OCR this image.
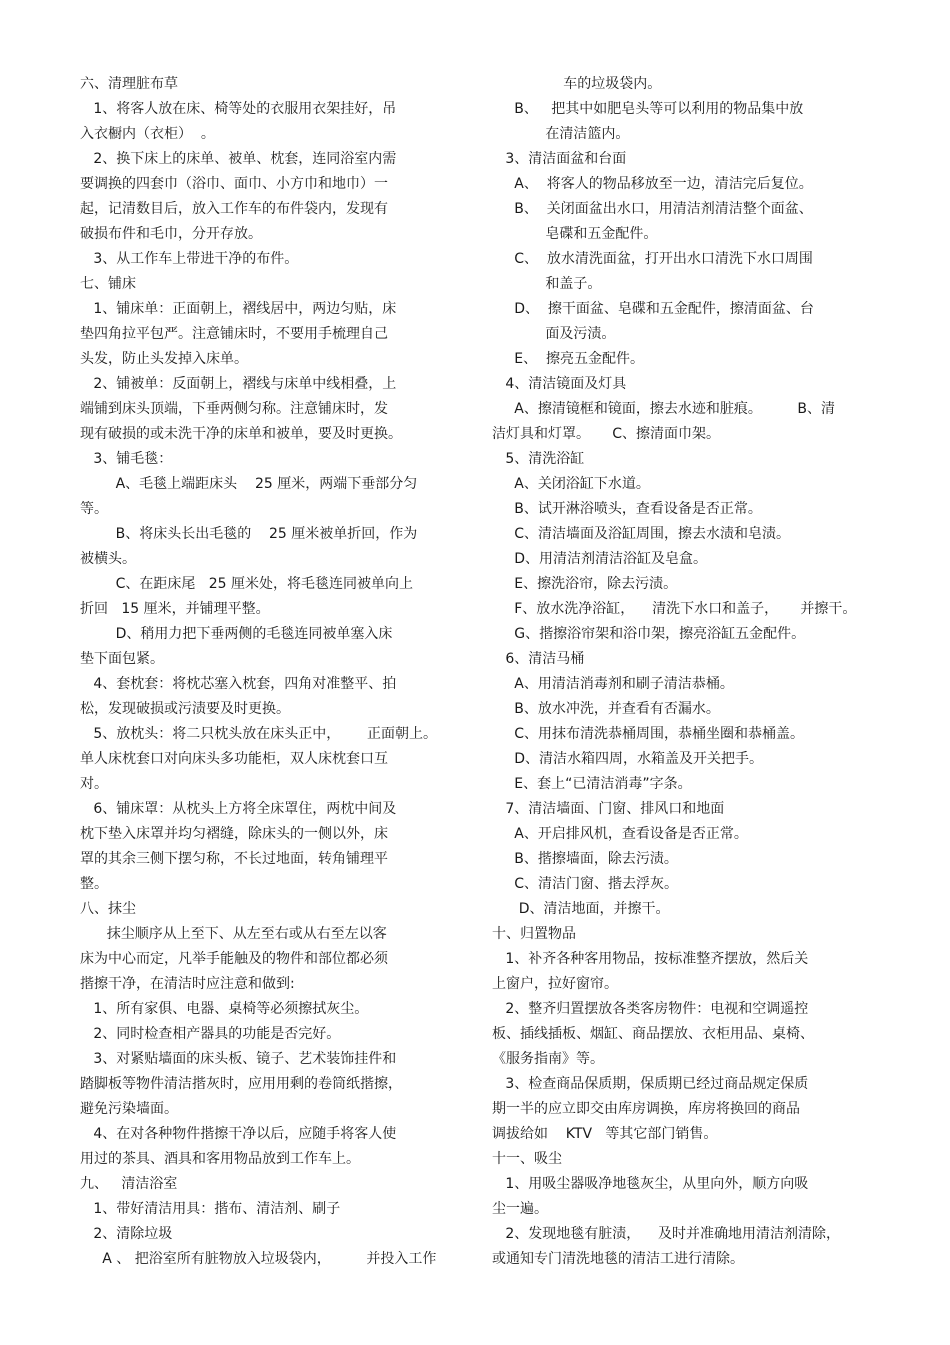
六、清理脏布草
1、将客人放在床、椅等处的衣服用衣架挂好，吊
入衣橱内（衣柜）  。
2、换下床上的床单、被单、枕套，连同浴室内需
要调换的四套巾（浴巾、面巾、小方巾和地巾）一
起，记清数目后，放入工作车的布件袋内，发现有
破损布件和毛巾，分开存放。
3、从工作车上带进干净的布件。
七、铺床
1、铺床单：正面朝上，褶线居中，两边匀贴，床
垫四角拉平包严。注意铺床时，不要用手梳理自己
头发，防止头发掉入床单。
2、铺被单：反面朝上，褶线与床单中线相叠，上
端铺到床头顶端，下垂两侧匀称。注意铺床时，发
现有破损的或未洗干净的床单和被单，要及时更换。
3、铺毛毯：
A、毛毯上端距床头    25 厘米，两端下垂部分匀
等。
B、将床头长出毛毯的    25 厘米被单折回，作为
被横头。
C、在距床尾   25 厘米处，将毛毯连同被单向上
折回   15 厘米，并铺理平整。
D、稍用力把下垂两侧的毛毯连同被单塞入床
垫下面包紧。
4、套枕套：将枕芯塞入枕套，四角对准整平、拍
松，发现破损或污渍要及时更换。
5、放枕头：将二只枕头放在床头正中，      正面朝上。
单人床枕套口对向床头多功能柜，双人床枕套口互
对。
6、铺床罩：从枕头上方将全床罩住，两枕中间及
枕下垫入床罩并均匀褶缝，除床头的一侧以外，床
罩的其余三侧下摆匀称，不长过地面，转角铺理平
整。
八、抹尘
抹尘顺序从上至下、从左至右或从右至左以客
床为中心而定，凡举手能触及的物件和部位都必须
揩擦干净，在清洁时应注意和做到:
1、所有家俱、电器、桌椅等必须擦拭灰尘。
2、同时检查相产器具的功能是否完好。
3、对紧贴墙面的床头板、镜子、艺术装饰挂件和
踏脚板等物件清洁揩灰时，应用用剩的卷筒纸揩擦，
避免污染墙面。
4、在对各种物件揩擦干净以后，应随手将客人使
用过的茶具、酒具和客用物品放到工作车上。
九、   清洁浴室
1、带好清洁用具：揩布、清洁剂、刷子
2、清除垃圾
A 、 把浴室所有脏物放入垃圾袋内，        并投入工作
车的垃圾袋内。
B、   把其中如肥皂头等可以利用的物品集中放
在清洁篮内。
3、清洁面盆和台面
A、  将客人的物品移放至一边，清洁完后复位。
B、  关闭面盆出水口，用清洁剂清洁整个面盆、
皂碟和五金配件。
C、  放水清洗面盆，打开出水口清洗下水口周围
和盖子。
D、  擦干面盆、皂碟和五金配件，擦清面盆、台
面及污渍。
E、  擦亮五金配件。
4、清洁镜面及灯具
A、擦清镜框和镜面，擦去水迹和脏痕。        B、清
洁灯具和灯罩。     C、擦清面巾架。
5、清洗浴缸
A、关闭浴缸下水道。
B、试开淋浴喷头，查看设备是否正常。
C、清洁墙面及浴缸周围，擦去水渍和皂渍。
D、用清洁剂清洁浴缸及皂盒。
E、擦洗浴帘，除去污渍。
F、放水洗净浴缸，    清洗下水口和盖子，     并擦干。
G、揩擦浴帘架和浴巾架，擦亮浴缸五金配件。
6、清洁马桶
A、用清洁消毒剂和刷子清洁恭桶。
B、放水冲洗，并查看有否漏水。
C、用抹布清洗恭桶周围，恭桶坐圈和恭桶盖。
D、清洁水箱四周，水箱盖及开关把手。
E、套上“已清洁消毒”字条。
7、清洁墙面、门窗、排风口和地面
A、开启排风机，查看设备是否正常。
B、揩擦墙面，除去污渍。
C、清洁门窗、揩去浮灰。
D、清洁地面，并擦干。
十、归置物品
1、补齐各种客用物品，按标准整齐摆放，然后关
上窗户，拉好窗帘。
2、整齐归置摆放各类客房物件：电视和空调遥控
板、插线插板、烟缸、商品摆放、衣柜用品、桌椅、
《服务指南》等。
3、检查商品保质期，保质期已经过商品规定保质
期一半的应立即交由库房调换，库房将换回的商品
调拔给如    KTV   等其它部门销售。
十一、吸尘
1、用吸尘器吸净地毯灰尘，从里向外，顺方向吸
尘一遍。
2、发现地毯有脏渍，    及时并准确地用清洁剂清除，
或通知专门清洗地毯的清洁工进行清除。
